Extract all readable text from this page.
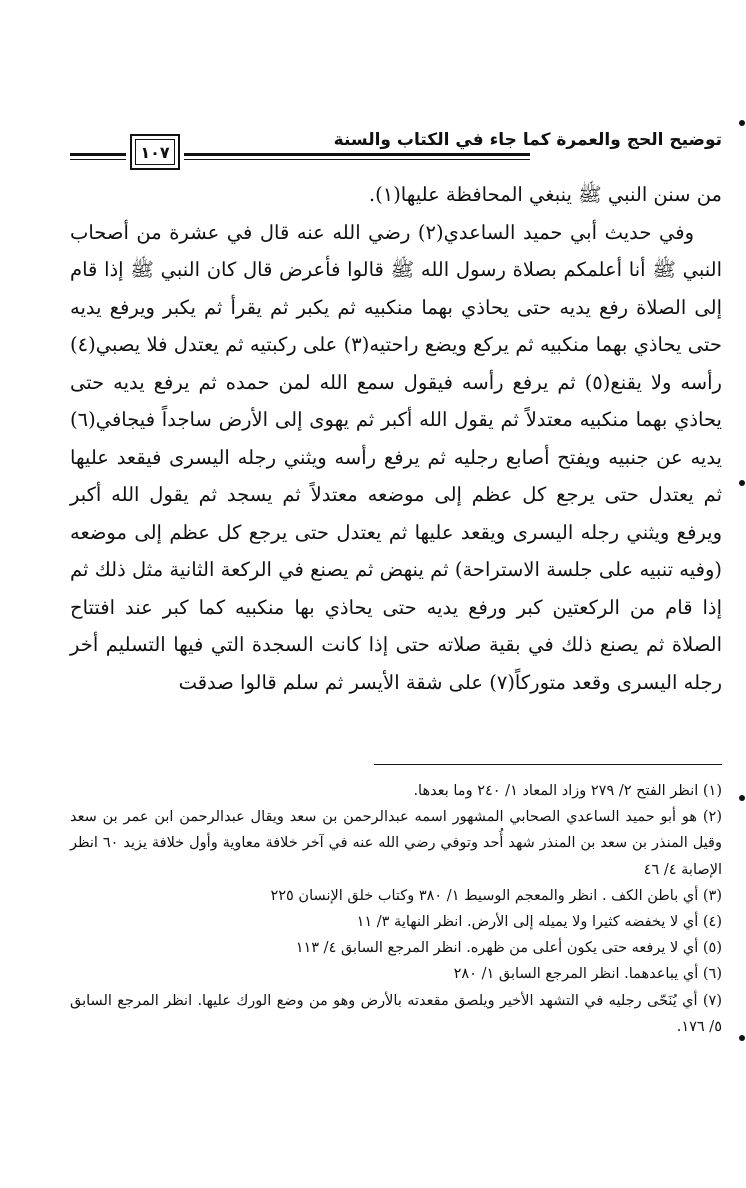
توضيح الحج والعمرة كما جاء في الكتاب والسنة
١٠٧

من سنن النبي ﷺ ينبغي المحافظة عليها(١).

وفي حديث أبي حميد الساعدي(٢) رضي الله عنه قال في عشرة من أصحاب النبي ﷺ أنا أعلمكم بصلاة رسول الله ﷺ قالوا فأعرض قال كان النبي ﷺ إذا قام إلى الصلاة رفع يديه حتى يحاذي بهما منكبيه ثم يكبر ثم يقرأ ثم يكبر ويرفع يديه حتى يحاذي بهما منكبيه ثم يركع ويضع راحتيه(٣) على ركبتيه ثم يعتدل فلا يصبي(٤) رأسه ولا يقنع(٥) ثم يرفع رأسه فيقول سمع الله لمن حمده ثم يرفع يديه حتى يحاذي بهما منكبيه معتدلاً ثم يقول الله أكبر ثم يهوى إلى الأرض ساجداً فيجافي(٦) يديه عن جنبيه ويفتح أصابع رجليه ثم يرفع رأسه ويثني رجله اليسرى فيقعد عليها ثم يعتدل حتى يرجع كل عظم إلى موضعه معتدلاً ثم يسجد ثم يقول الله أكبر ويرفع ويثني رجله اليسرى ويقعد عليها ثم يعتدل حتى يرجع كل عظم إلى موضعه (وفيه تنبيه على جلسة الاستراحة) ثم ينهض ثم يصنع في الركعة الثانية مثل ذلك ثم إذا قام من الركعتين كبر ورفع يديه حتى يحاذي بها منكبيه كما كبر عند افتتاح الصلاة ثم يصنع ذلك في بقية صلاته حتى إذا كانت السجدة التي فيها التسليم أخر رجله اليسرى وقعد متوركاً(٧) على شقة الأيسر ثم سلم قالوا صدقت

(١) انظر الفتح ٢/ ٢٧٩ وزاد المعاد ١/ ٢٤٠ وما بعدها.

(٢) هو أبو حميد الساعدي الصحابي المشهور اسمه عبدالرحمن بن سعد ويقال عبدالرحمن ابن عمر بن سعد وقيل المنذر بن سعد بن المنذر شهد أُحد وتوفي رضي الله عنه في آخر خلافة معاوية وأول خلافة يزيد ٦٠ انظر الإصابة ٤/ ٤٦

(٣) أي باطن الكف . انظر والمعجم الوسيط ١/ ٣٨٠ وكتاب خلق الإنسان ٢٢٥

(٤) أي لا يخفضه كثيرا ولا يميله إلى الأرض. انظر النهاية ٣/ ١١

(٥) أي لا يرفعه حتى يكون أعلى من ظهره. انظر المرجع السابق ٤/ ١١٣

(٦) أي يباعدهما. انظر المرجع السابق ١/ ٢٨٠

(٧) أي يُنَحّى رجليه في التشهد الأخير ويلصق مقعدته بالأرض وهو من وضع الورك عليها. انظر المرجع السابق ٥/ ١٧٦.
